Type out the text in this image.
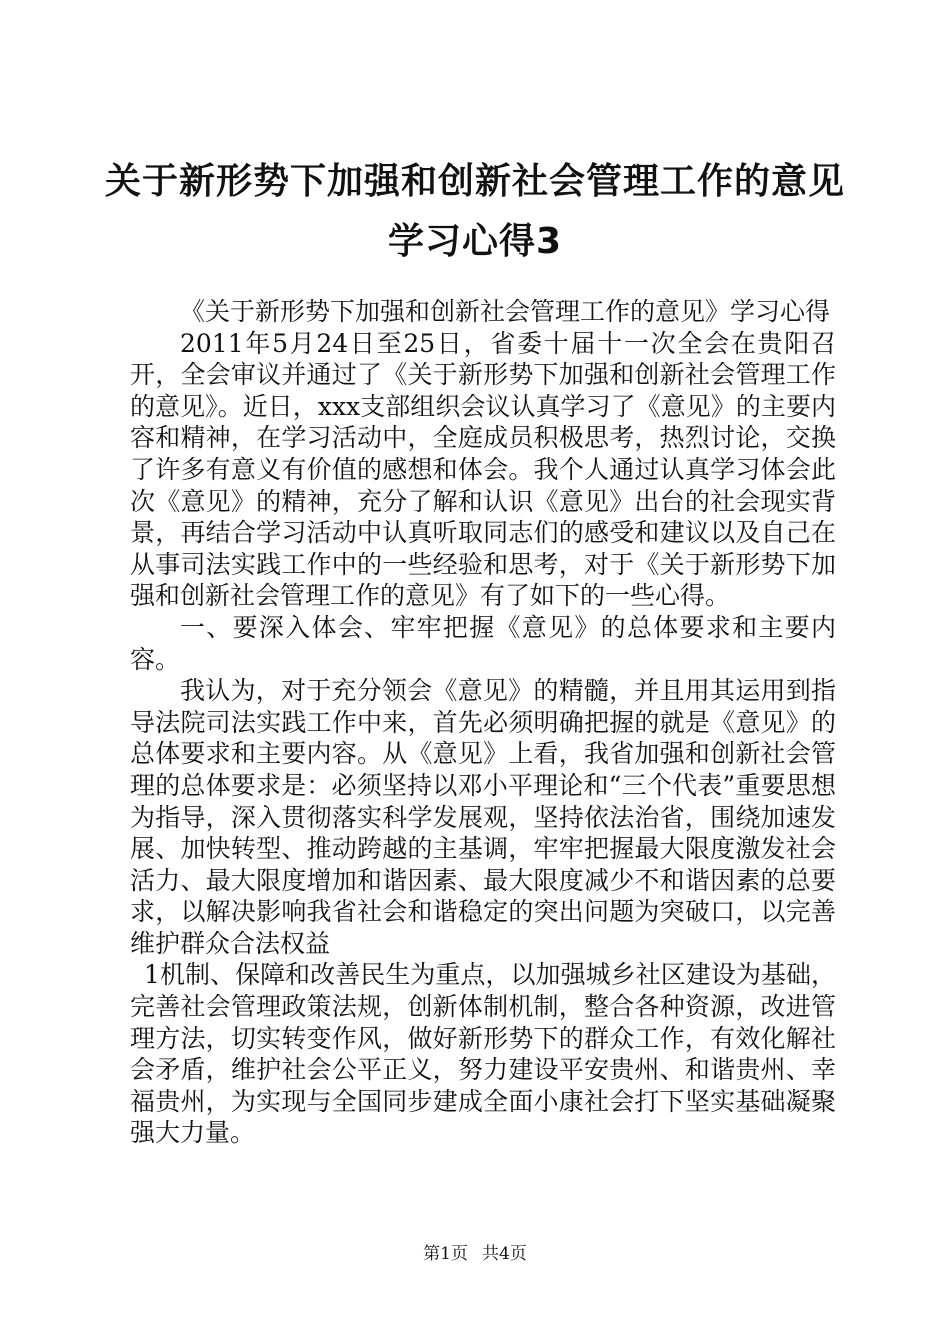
关于新形势下加强和创新社会管理工作的意见
学习心得3

《关于新形势下加强和创新社会管理工作的意见》学习心得

2011年5月24日至25日，省委十届十一次全会在贵阳召开，全会审议并通过了《关于新形势下加强和创新社会管理工作的意见》。近日，xxx支部组织会议认真学习了《意见》的主要内容和精神，在学习活动中，全庭成员积极思考，热烈讨论，交换了许多有意义有价值的感想和体会。我个人通过认真学习体会此次《意见》的精神，充分了解和认识《意见》出台的社会现实背景，再结合学习活动中认真听取同志们的感受和建议以及自己在从事司法实践工作中的一些经验和思考，对于《关于新形势下加强和创新社会管理工作的意见》有了如下的一些心得。

一、要深入体会、牢牢把握《意见》的总体要求和主要内容。

我认为，对于充分领会《意见》的精髓，并且用其运用到指导法院司法实践工作中来，首先必须明确把握的就是《意见》的总体要求和主要内容。从《意见》上看，我省加强和创新社会管理的总体要求是：必须坚持以邓小平理论和“三个代表”重要思想为指导，深入贯彻落实科学发展观，坚持依法治省，围绕加速发展、加快转型、推动跨越的主基调，牢牢把握最大限度激发社会活力、最大限度增加和谐因素、最大限度减少不和谐因素的总要求，以解决影响我省社会和谐稳定的突出问题为突破口，以完善维护群众合法权益

1机制、保障和改善民生为重点，以加强城乡社区建设为基础，完善社会管理政策法规，创新体制机制，整合各种资源，改进管理方法，切实转变作风，做好新形势下的群众工作，有效化解社会矛盾，维护社会公平正义，努力建设平安贵州、和谐贵州、幸福贵州，为实现与全国同步建成全面小康社会打下坚实基础凝聚强大力量。

第1页 共4页
